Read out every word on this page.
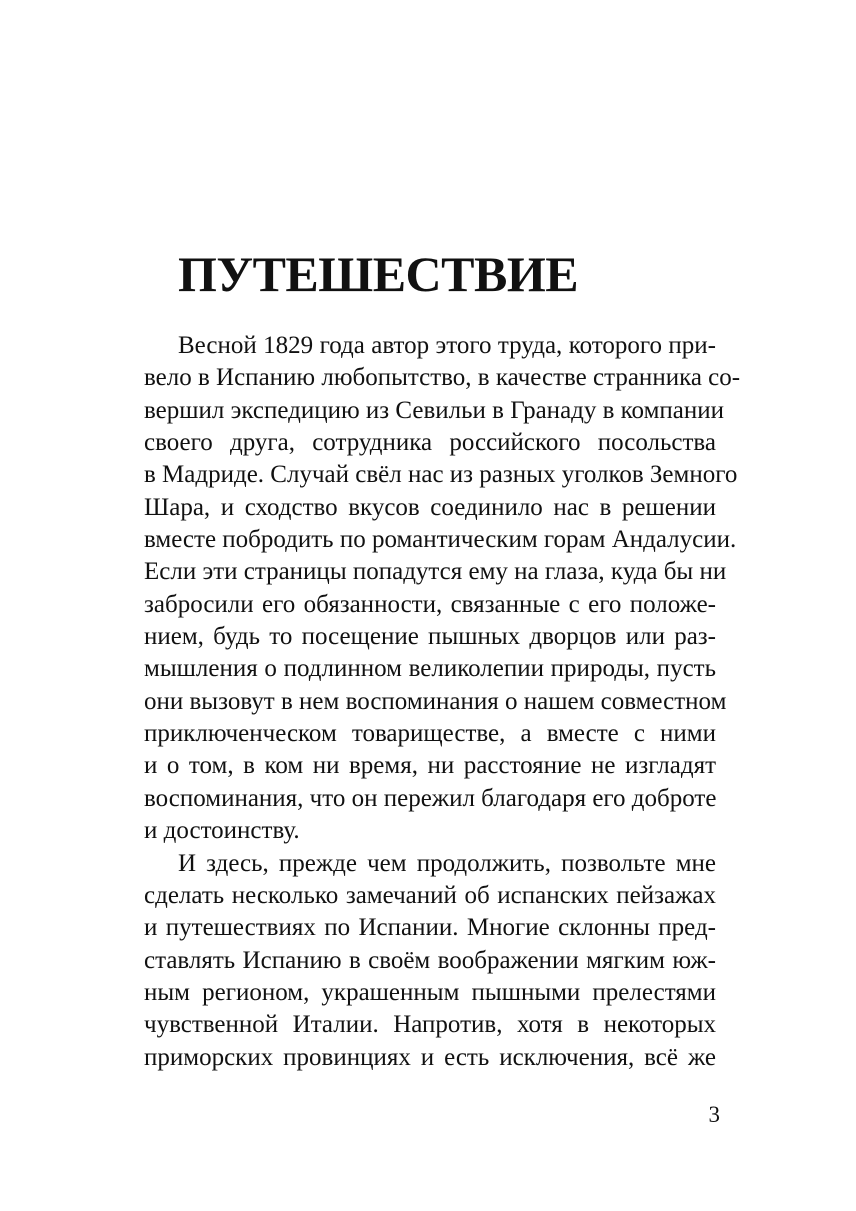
ПУТЕШЕСТВИЕ

Весной 1829 года автор этого труда, которого при-
вело в Испанию любопытство, в качестве странника со-
вершил экспедицию из Севильи в Гранаду в компании
своего друга, сотрудника российского посольства
в Мадриде. Случай свёл нас из разных уголков Земного
Шара, и сходство вкусов соединило нас в решении
вместе побродить по романтическим горам Андалусии.
Если эти страницы попадутся ему на глаза, куда бы ни
забросили его обязанности, связанные с его положе-
нием, будь то посещение пышных дворцов или раз-
мышления о подлинном великолепии природы, пусть
они вызовут в нем воспоминания о нашем совместном
приключенческом товариществе, а вместе с ними
и о том, в ком ни время, ни расстояние не изгладят
воспоминания, что он пережил благодаря его доброте
и достоинству.

И здесь, прежде чем продолжить, позвольте мне
сделать несколько замечаний об испанских пейзажах
и путешествиях по Испании. Многие склонны пред-
ставлять Испанию в своём воображении мягким юж-
ным регионом, украшенным пышными прелестями
чувственной Италии. Напротив, хотя в некоторых
приморских провинциях и есть исключения, всё же

3
